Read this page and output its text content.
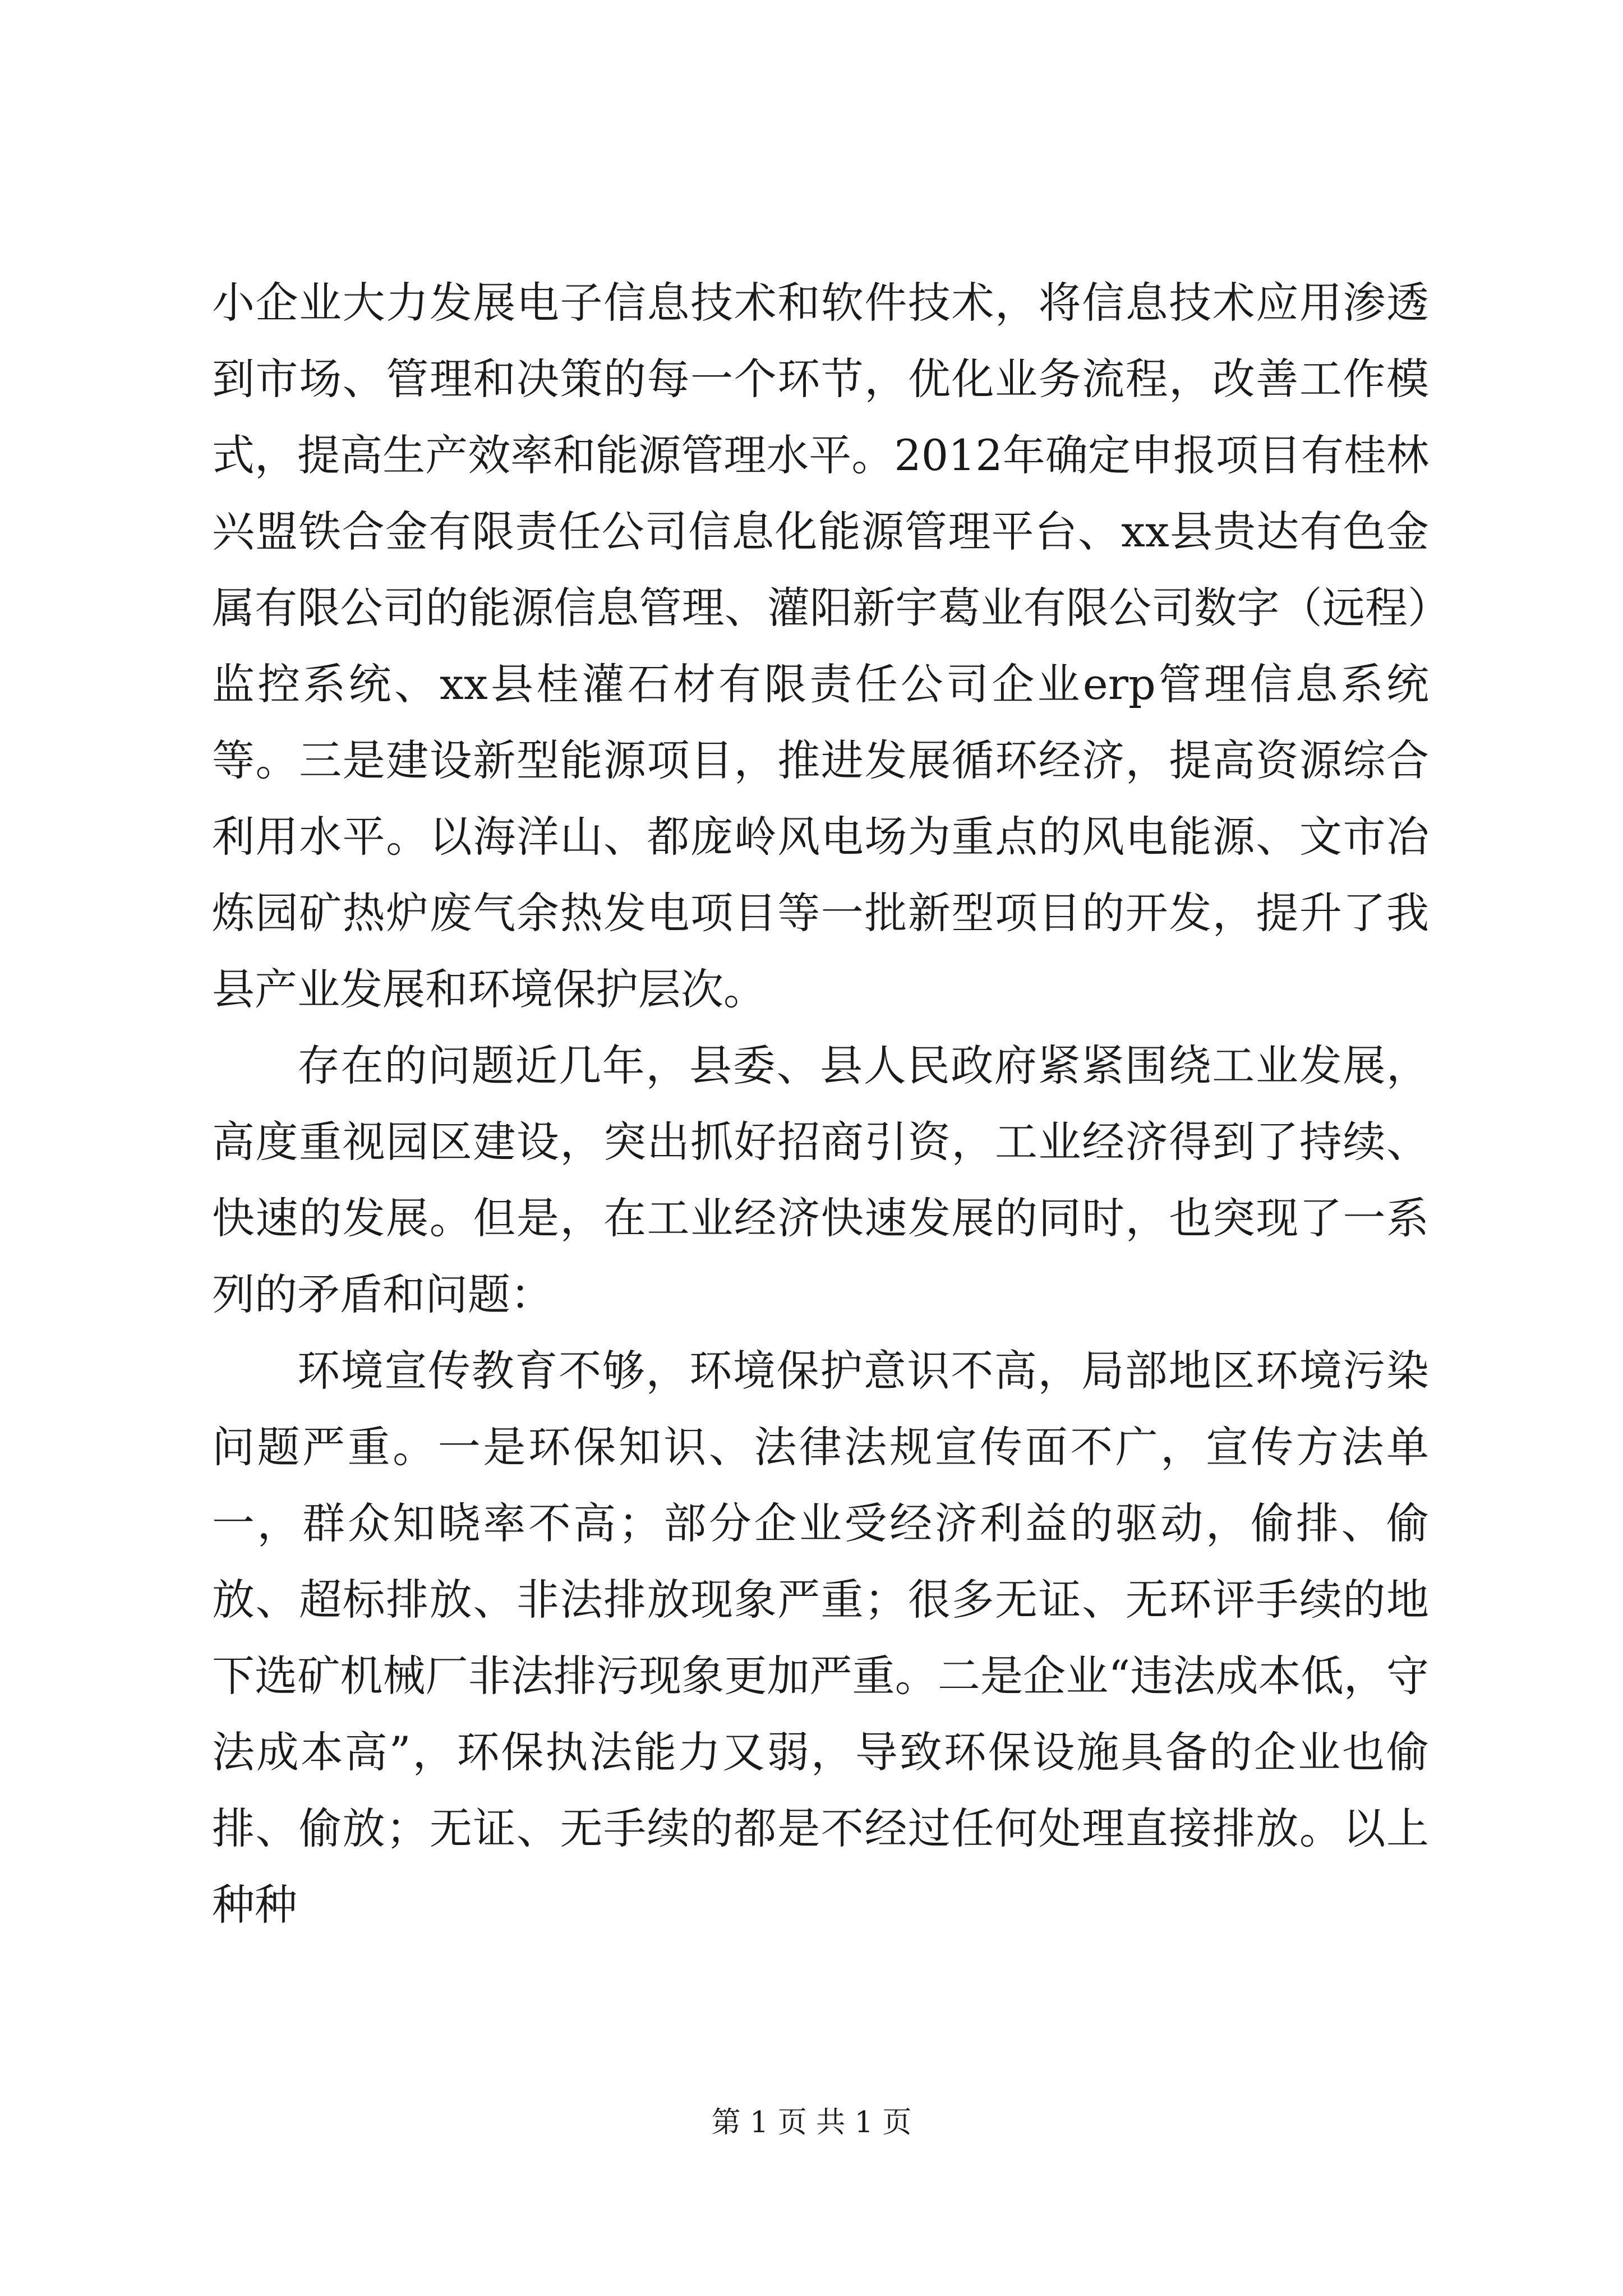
小企业大力发展电子信息技术和软件技术，将信息技术应用渗透到市场、管理和决策的每一个环节，优化业务流程，改善工作模式，提高生产效率和能源管理水平。2012年确定申报项目有桂林兴盟铁合金有限责任公司信息化能源管理平台、xx县贵达有色金属有限公司的能源信息管理、灌阳新宇葛业有限公司数字（远程）监控系统、xx县桂灌石材有限责任公司企业erp管理信息系统等。三是建设新型能源项目，推进发展循环经济，提高资源综合利用水平。以海洋山、都庞岭风电场为重点的风电能源、文市冶炼园矿热炉废气余热发电项目等一批新型项目的开发，提升了我县产业发展和环境保护层次。

存在的问题近几年，县委、县人民政府紧紧围绕工业发展，高度重视园区建设，突出抓好招商引资，工业经济得到了持续、快速的发展。但是，在工业经济快速发展的同时，也突现了一系列的矛盾和问题：

环境宣传教育不够，环境保护意识不高，局部地区环境污染问题严重。一是环保知识、法律法规宣传面不广，宣传方法单一，群众知晓率不高；部分企业受经济利益的驱动，偷排、偷放、超标排放、非法排放现象严重；很多无证、无环评手续的地下选矿机械厂非法排污现象更加严重。二是企业“违法成本低，守法成本高”，环保执法能力又弱，导致环保设施具备的企业也偷排、偷放；无证、无手续的都是不经过任何处理直接排放。以上种种

第 1 页 共 1 页
